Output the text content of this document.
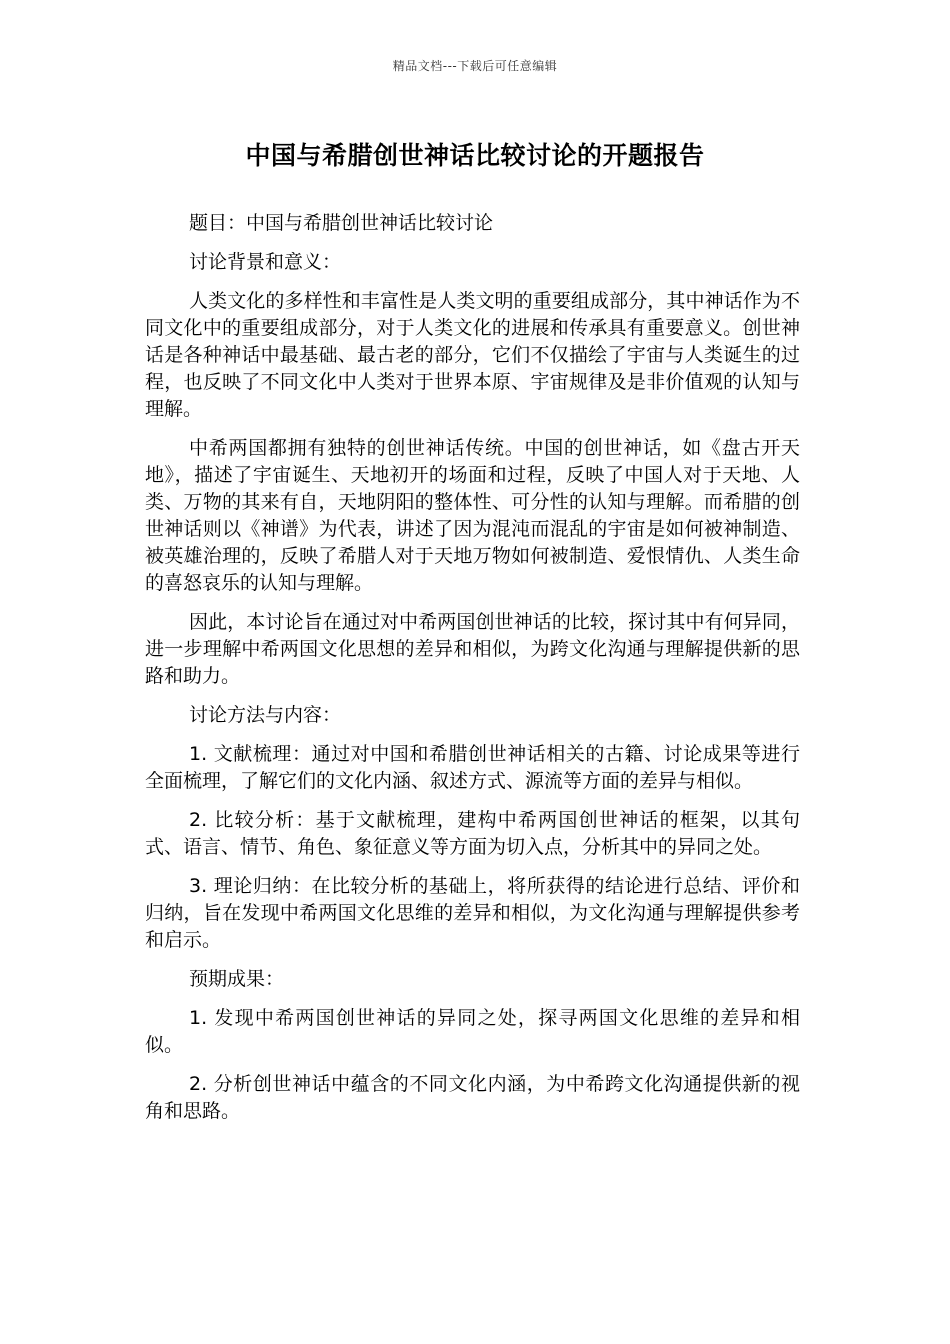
精品文档---下载后可任意编辑
中国与希腊创世神话比较讨论的开题报告

题目：中国与希腊创世神话比较讨论

讨论背景和意义：

人类文化的多样性和丰富性是人类文明的重要组成部分，其中神话作为不同文化中的重要组成部分，对于人类文化的进展和传承具有重要意义。创世神话是各种神话中最基础、最古老的部分，它们不仅描绘了宇宙与人类诞生的过程，也反映了不同文化中人类对于世界本原、宇宙规律及是非价值观的认知与理解。

中希两国都拥有独特的创世神话传统。中国的创世神话，如《盘古开天地》，描述了宇宙诞生、天地初开的场面和过程，反映了中国人对于天地、人类、万物的其来有自，天地阴阳的整体性、可分性的认知与理解。而希腊的创世神话则以《神谱》为代表，讲述了因为混沌而混乱的宇宙是如何被神制造、被英雄治理的，反映了希腊人对于天地万物如何被制造、爱恨情仇、人类生命的喜怒哀乐的认知与理解。

因此，本讨论旨在通过对中希两国创世神话的比较，探讨其中有何异同，进一步理解中希两国文化思想的差异和相似，为跨文化沟通与理解提供新的思路和助力。

讨论方法与内容：

1. 文献梳理：通过对中国和希腊创世神话相关的古籍、讨论成果等进行全面梳理，了解它们的文化内涵、叙述方式、源流等方面的差异与相似。

2. 比较分析：基于文献梳理，建构中希两国创世神话的框架，以其句式、语言、情节、角色、象征意义等方面为切入点，分析其中的异同之处。

3. 理论归纳：在比较分析的基础上，将所获得的结论进行总结、评价和归纳，旨在发现中希两国文化思维的差异和相似，为文化沟通与理解提供参考和启示。

预期成果：

1. 发现中希两国创世神话的异同之处，探寻两国文化思维的差异和相似。

2. 分析创世神话中蕴含的不同文化内涵，为中希跨文化沟通提供新的视角和思路。
